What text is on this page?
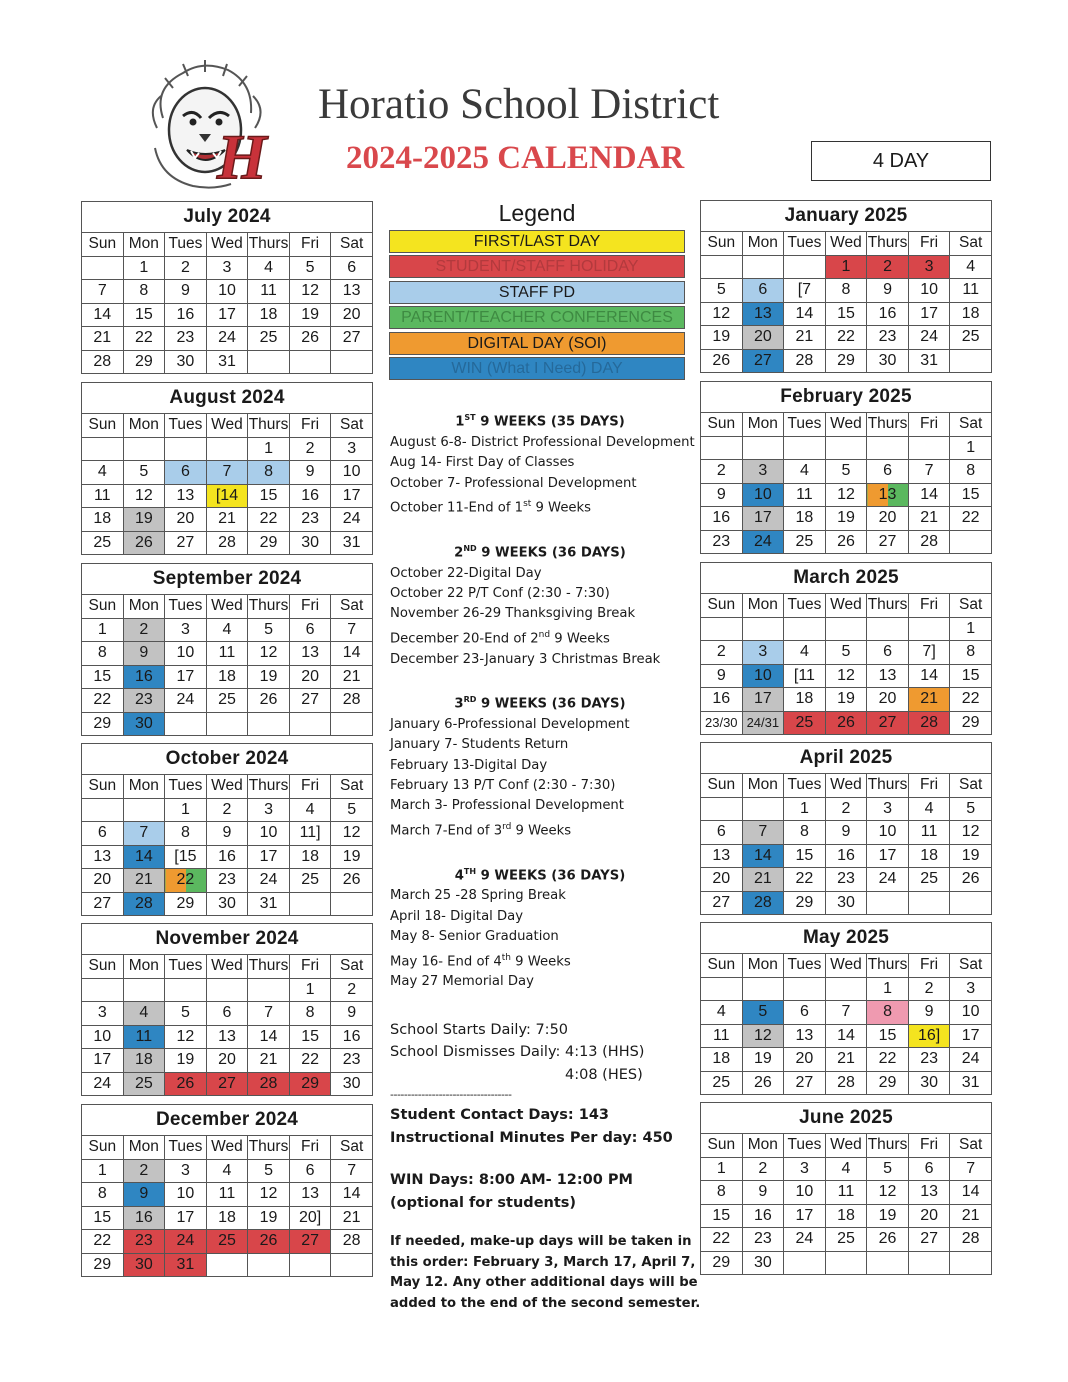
H
Horatio School District
2024-2025 CALENDAR	4 DAY
July 2024						
Sun	Mon	Tues	Wed	Thurs	Fri	Sat
	1	2	3	4	5	6
7	8	9	10	11	12	13
14	15	16	17	18	19	20
21	22	23	24	25	26	27
28	29	30	31			
August 2024						
Sun	Mon	Tues	Wed	Thurs	Fri	Sat
				1	2	3
4	5	6	7	8	9	10
11	12	13	[14	15	16	17
18	19	20	21	22	23	24
25	26	27	28	29	30	31
September 2024						
Sun	Mon	Tues	Wed	Thurs	Fri	Sat
1	2	3	4	5	6	7
8	9	10	11	12	13	14
15	16	17	18	19	20	21
22	23	24	25	26	27	28
29	30					
October 2024						
Sun	Mon	Tues	Wed	Thurs	Fri	Sat
		1	2	3	4	5
6	7	8	9	10	11]	12
13	14	[15	16	17	18	19
20	21	22	23	24	25	26
27	28	29	30	31		
November 2024						
Sun	Mon	Tues	Wed	Thurs	Fri	Sat
					1	2
3	4	5	6	7	8	9
10	11	12	13	14	15	16
17	18	19	20	21	22	23
24	25	26	27	28	29	30
December 2024						
Sun	Mon	Tues	Wed	Thurs	Fri	Sat
1	2	3	4	5	6	7
8	9	10	11	12	13	14
15	16	17	18	19	20]	21
22	23	24	25	26	27	28
29	30	31				
January 2025						
Sun	Mon	Tues	Wed	Thurs	Fri	Sat
			1	2	3	4
5	6	[7	8	9	10	11
12	13	14	15	16	17	18
19	20	21	22	23	24	25
26	27	28	29	30	31	
February 2025						
Sun	Mon	Tues	Wed	Thurs	Fri	Sat
						1
2	3	4	5	6	7	8
9	10	11	12	13	14	15
16	17	18	19	20	21	22
23	24	25	26	27	28	
March 2025						
Sun	Mon	Tues	Wed	Thurs	Fri	Sat
						1
2	3	4	5	6	7]	8
9	10	[11	12	13	14	15
16	17	18	19	20	21	22
23/30	24/31	25	26	27	28	29
April 2025						
Sun	Mon	Tues	Wed	Thurs	Fri	Sat
		1	2	3	4	5
6	7	8	9	10	11	12
13	14	15	16	17	18	19
20	21	22	23	24	25	26
27	28	29	30			
May 2025						
Sun	Mon	Tues	Wed	Thurs	Fri	Sat
				1	2	3
4	5	6	7	8	9	10
11	12	13	14	15	16]	17
18	19	20	21	22	23	24
25	26	27	28	29	30	31
June 2025						
Sun	Mon	Tues	Wed	Thurs	Fri	Sat
1	2	3	4	5	6	7
8	9	10	11	12	13	14
15	16	17	18	19	20	21
22	23	24	25	26	27	28
29	30					
Legend
FIRST/LAST DAY
STUDENT/STAFF HOLIDAY
STAFF PD
PARENT/TEACHER CONFERENCES
DIGITAL DAY (SOI)
WIN (What I Need) DAY
1ST 9 WEEKS (35 DAYS)
August 6-8- District Professional Development
Aug 14- First Day of Classes
October 7- Professional Development
October 11-End of 1st 9 Weeks
2ND 9 WEEKS (36 DAYS)
October 22-Digital Day
October 22 P/T Conf (2:30 - 7:30)
November 26-29 Thanksgiving Break
December 20-End of 2nd 9 Weeks
December 23-January 3 Christmas Break
3RD 9 WEEKS (36 DAYS)
January 6-Professional Development
January 7- Students Return
February 13-Digital Day
February 13 P/T Conf (2:30 - 7:30)
March 3- Professional Development
March 7-End of 3rd 9 Weeks
4TH 9 WEEKS (36 DAYS)
March 25 -28 Spring Break
April 18- Digital Day
May 8- Senior Graduation
May 16- End of 4th 9 Weeks
May 27 Memorial Day
School Starts Daily: 7:50
School Dismisses Daily: 4:13 (HHS)
4:08 (HES)
-----------------------------------
Student Contact Days: 143
Instructional Minutes Per day: 450
WIN Days: 8:00 AM- 12:00 PM
(optional for students)
If needed, make-up days will be taken in
this order: February 3, March 17, April 7,
May 12. Any other additional days will be
added to the end of the second semester.
